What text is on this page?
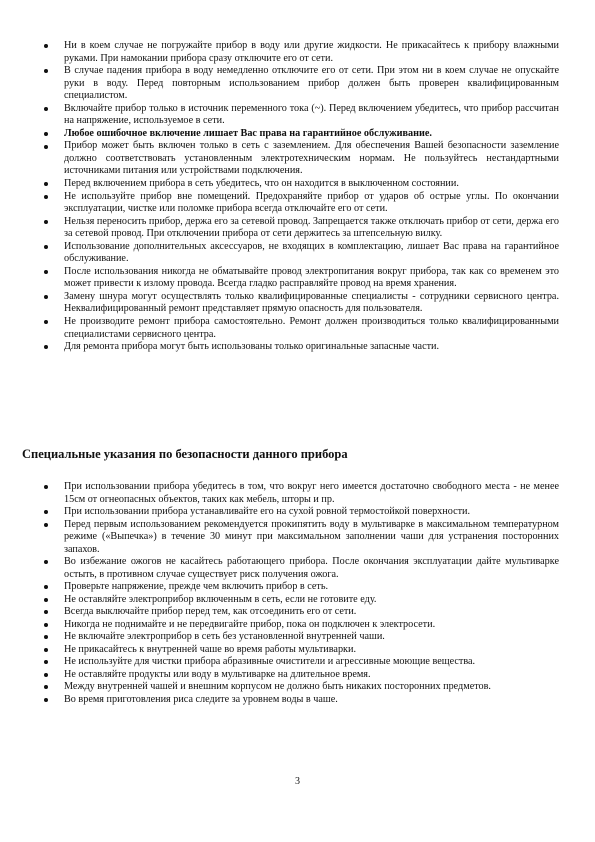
Ни в коем случае не погружайте прибор в воду или другие жидкости. Не прикасайтесь к прибору влажными руками. При намокании прибора сразу отключите его от сети.
В случае падения прибора в воду немедленно отключите его от сети. При этом ни в коем случае не опускайте руки в воду. Перед повторным использованием прибор должен быть проверен квалифицированным специалистом.
Включайте прибор только в источник переменного тока (~). Перед включением убедитесь, что прибор рассчитан на напряжение, используемое в сети.
Любое ошибочное включение лишает Вас права на гарантийное обслуживание.
Прибор может быть включен только в сеть с заземлением. Для обеспечения Вашей безопасности заземление должно соответствовать установленным электротехническим нормам. Не пользуйтесь нестандартными источниками питания или устройствами подключения.
Перед включением прибора в сеть убедитесь, что он находится в выключенном состоянии.
Не используйте прибор вне помещений. Предохраняйте прибор от ударов об острые углы. По окончании эксплуатации, чистке или поломке прибора всегда отключайте его от сети.
Нельзя переносить прибор, держа его за сетевой провод. Запрещается также отключать прибор от сети, держа его за сетевой провод. При отключении прибора от сети держитесь за штепсельную вилку.
Использование дополнительных аксессуаров, не входящих в комплектацию, лишает Вас права на гарантийное обслуживание.
После использования никогда не обматывайте провод электропитания вокруг прибора, так как со временем это может привести к излому провода. Всегда гладко расправляйте провод на время хранения.
Замену шнура могут осуществлять только квалифицированные специалисты - сотрудники сервисного центра. Неквалифицированный ремонт представляет прямую опасность для пользователя.
Не производите ремонт прибора самостоятельно. Ремонт должен производиться только квалифицированными специалистами сервисного центра.
Для ремонта прибора могут быть использованы только оригинальные запасные части.
Специальные указания по безопасности данного прибора
При использовании прибора убедитесь в том, что вокруг него имеется достаточно свободного места - не менее 15см от огнеопасных объектов, таких как мебель, шторы и пр.
При использовании прибора устанавливайте его на сухой ровной термостойкой поверхности.
Перед первым использованием рекомендуется прокипятить воду в мультиварке в максимальном температурном режиме («Выпечка») в течение 30 минут при максимальном заполнении чаши для устранения посторонних запахов.
Во избежание ожогов не касайтесь работающего прибора. После окончания эксплуатации дайте мультиварке остыть, в противном случае существует риск получения ожога.
Проверьте напряжение, прежде чем включить прибор в сеть.
Не оставляйте электроприбор включенным в сеть, если не готовите еду.
Всегда выключайте прибор перед тем, как отсоединить его от сети.
Никогда не поднимайте и не передвигайте прибор, пока он подключен к электросети.
Не включайте электроприбор в сеть без установленной внутренней чаши.
Не прикасайтесь к внутренней чаше во время работы мультиварки.
Не используйте для чистки прибора абразивные очистители и агрессивные моющие вещества.
Не оставляйте продукты или воду в мультиварке на длительное время.
Между внутренней чашей и внешним корпусом не должно быть никаких посторонних предметов.
Во время приготовления риса следите за уровнем воды в чаше.
3
